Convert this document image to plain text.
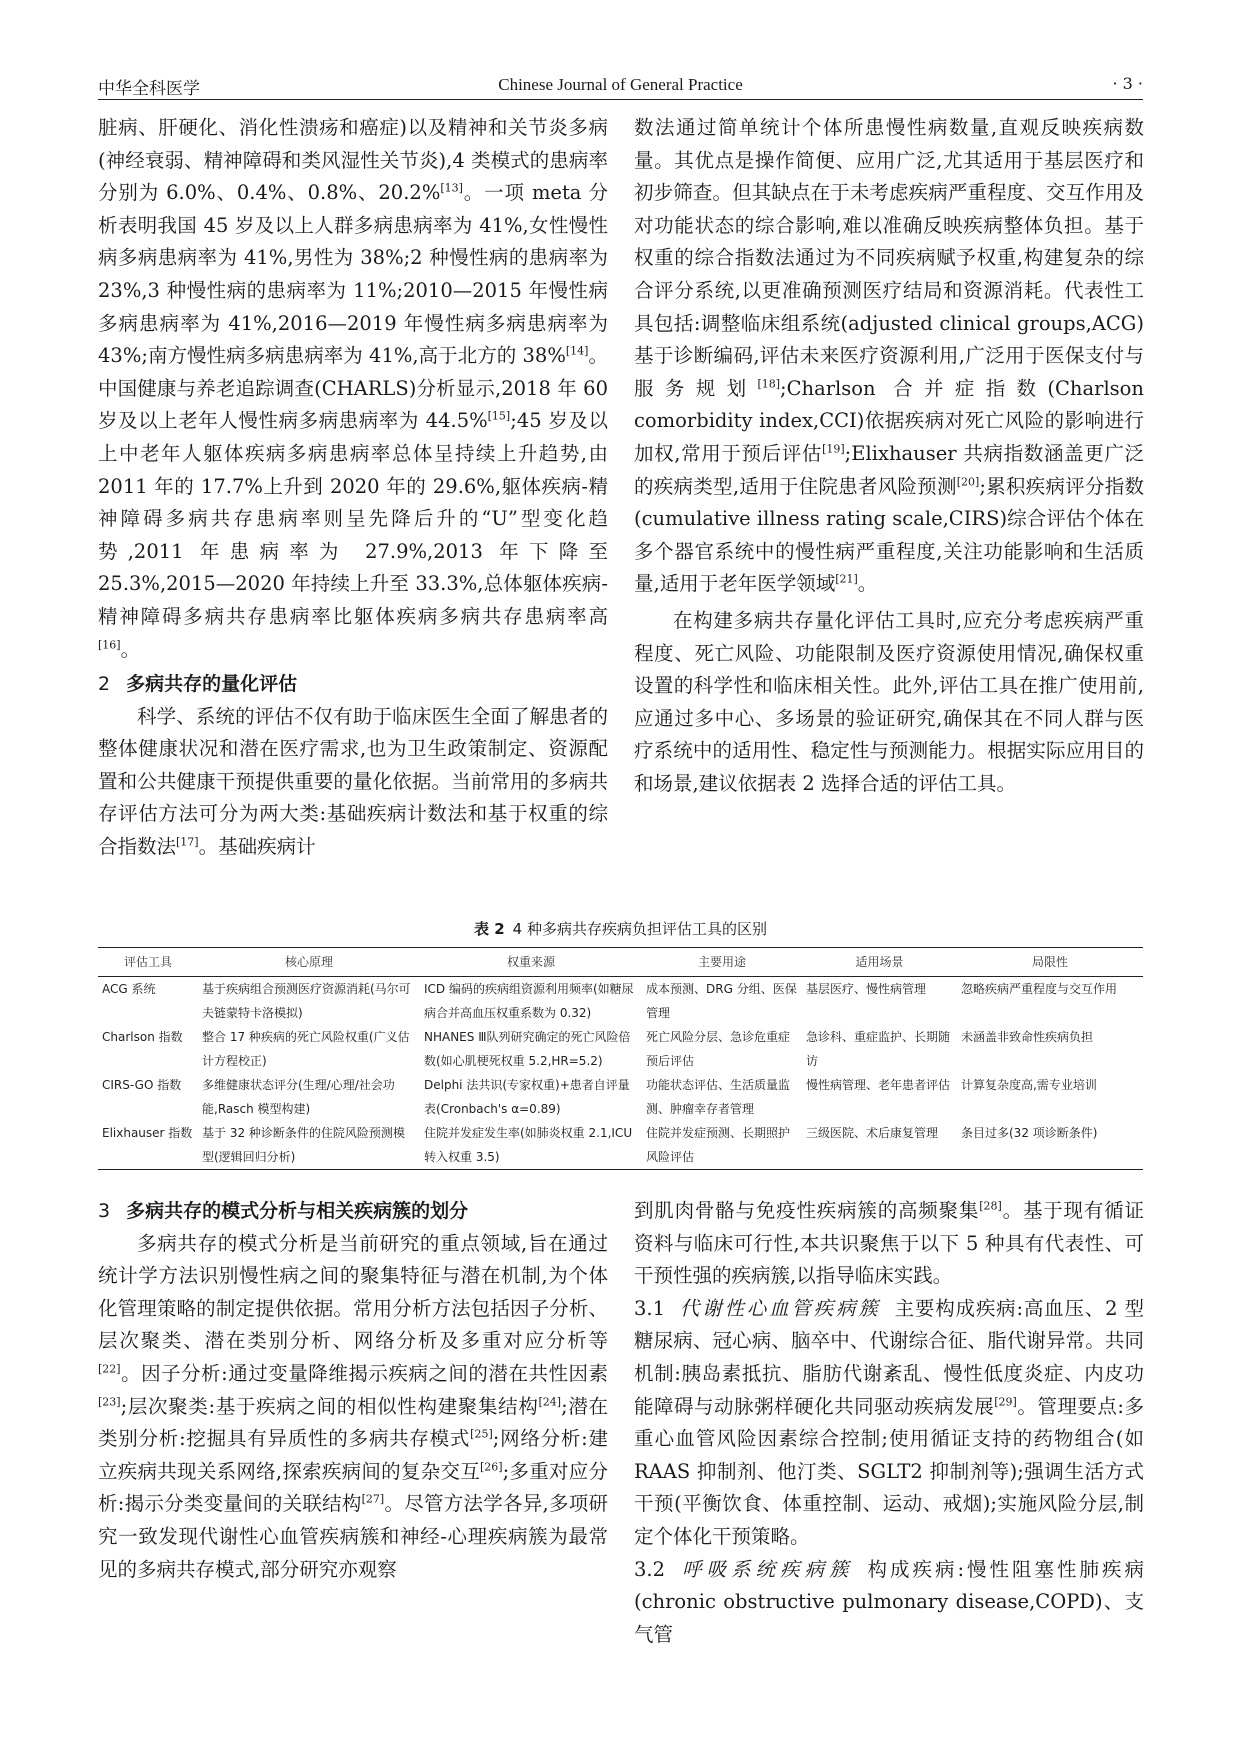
中华全科医学	Chinese Journal of General Practice	· 3 ·

脏病、肝硬化、消化性溃疡和癌症)以及精神和关节炎多病(神经衰弱、精神障碍和类风湿性关节炎),4 类模式的患病率分别为 6.0%、0.4%、0.8%、20.2%[13]。一项 meta 分析表明我国 45 岁及以上人群多病患病率为 41%,女性慢性病多病患病率为 41%,男性为 38%;2 种慢性病的患病率为 23%,3 种慢性病的患病率为 11%;2010—2015 年慢性病多病患病率为 41%,2016—2019 年慢性病多病患病率为 43%;南方慢性病多病患病率为 41%,高于北方的 38%[14]。中国健康与养老追踪调查(CHARLS)分析显示,2018 年 60 岁及以上老年人慢性病多病患病率为 44.5%[15];45 岁及以上中老年人躯体疾病多病患病率总体呈持续上升趋势,由 2011 年的 17.7%上升到 2020 年的 29.6%,躯体疾病-精神障碍多病共存患病率则呈先降后升的“U”型变化趋势,2011 年患病率为 27.9%,2013 年下降至 25.3%,2015—2020 年持续上升至 33.3%,总体躯体疾病-精神障碍多病共存患病率比躯体疾病多病共存患病率高[16]。

2 多病共存的量化评估

科学、系统的评估不仅有助于临床医生全面了解患者的整体健康状况和潜在医疗需求,也为卫生政策制定、资源配置和公共健康干预提供重要的量化依据。当前常用的多病共存评估方法可分为两大类:基础疾病计数法和基于权重的综合指数法[17]。基础疾病计

数法通过简单统计个体所患慢性病数量,直观反映疾病数量。其优点是操作简便、应用广泛,尤其适用于基层医疗和初步筛查。但其缺点在于未考虑疾病严重程度、交互作用及对功能状态的综合影响,难以准确反映疾病整体负担。基于权重的综合指数法通过为不同疾病赋予权重,构建复杂的综合评分系统,以更准确预测医疗结局和资源消耗。代表性工具包括:调整临床组系统(adjusted clinical groups,ACG)基于诊断编码,评估未来医疗资源利用,广泛用于医保支付与服务规划[18];Charlson 合并症指数(Charlson comorbidity index,CCI)依据疾病对死亡风险的影响进行加权,常用于预后评估[19];Elixhauser 共病指数涵盖更广泛的疾病类型,适用于住院患者风险预测[20];累积疾病评分指数(cumulative illness rating scale,CIRS)综合评估个体在多个器官系统中的慢性病严重程度,关注功能影响和生活质量,适用于老年医学领域[21]。

在构建多病共存量化评估工具时,应充分考虑疾病严重程度、死亡风险、功能限制及医疗资源使用情况,确保权重设置的科学性和临床相关性。此外,评估工具在推广使用前,应通过多中心、多场景的验证研究,确保其在不同人群与医疗系统中的适用性、稳定性与预测能力。根据实际应用目的和场景,建议依据表 2 选择合适的评估工具。

表 2 4 种多病共存疾病负担评估工具的区别
评估工具	核心原理	权重来源	主要用途	适用场景	局限性
ACG 系统	基于疾病组合预测医疗资源消耗(马尔可夫链蒙特卡洛模拟)	ICD 编码的疾病组资源利用频率(如糖尿病合并高血压权重系数为 0.32)	成本预测、DRG 分组、医保管理	基层医疗、慢性病管理	忽略疾病严重程度与交互作用
Charlson 指数	整合 17 种疾病的死亡风险权重(广义估计方程校正)	NHANES Ⅲ队列研究确定的死亡风险倍数(如心肌梗死权重 5.2,HR=5.2)	死亡风险分层、急诊危重症预后评估	急诊科、重症监护、长期随访	未涵盖非致命性疾病负担
CIRS-GO 指数	多维健康状态评分(生理/心理/社会功能,Rasch 模型构建)	Delphi 法共识(专家权重)+患者自评量表(Cronbach's α=0.89)	功能状态评估、生活质量监测、肿瘤幸存者管理	慢性病管理、老年患者评估	计算复杂度高,需专业培训
Elixhauser 指数	基于 32 种诊断条件的住院风险预测模型(逻辑回归分析)	住院并发症发生率(如肺炎权重 2.1,ICU 转入权重 3.5)	住院并发症预测、长期照护风险评估	三级医院、术后康复管理	条目过多(32 项诊断条件)
3 多病共存的模式分析与相关疾病簇的划分

多病共存的模式分析是当前研究的重点领域,旨在通过统计学方法识别慢性病之间的聚集特征与潜在机制,为个体化管理策略的制定提供依据。常用分析方法包括因子分析、层次聚类、潜在类别分析、网络分析及多重对应分析等[22]。因子分析:通过变量降维揭示疾病之间的潜在共性因素[23];层次聚类:基于疾病之间的相似性构建聚集结构[24];潜在类别分析:挖掘具有异质性的多病共存模式[25];网络分析:建立疾病共现关系网络,探索疾病间的复杂交互[26];多重对应分析:揭示分类变量间的关联结构[27]。尽管方法学各异,多项研究一致发现代谢性心血管疾病簇和神经-心理疾病簇为最常见的多病共存模式,部分研究亦观察

到肌肉骨骼与免疫性疾病簇的高频聚集[28]。基于现有循证资料与临床可行性,本共识聚焦于以下 5 种具有代表性、可干预性强的疾病簇,以指导临床实践。

3.1 代谢性心血管疾病簇 主要构成疾病:高血压、2 型糖尿病、冠心病、脑卒中、代谢综合征、脂代谢异常。共同机制:胰岛素抵抗、脂肪代谢紊乱、慢性低度炎症、内皮功能障碍与动脉粥样硬化共同驱动疾病发展[29]。管理要点:多重心血管风险因素综合控制;使用循证支持的药物组合(如 RAAS 抑制剂、他汀类、SGLT2 抑制剂等);强调生活方式干预(平衡饮食、体重控制、运动、戒烟);实施风险分层,制定个体化干预策略。

3.2 呼吸系统疾病簇 构成疾病:慢性阻塞性肺疾病(chronic obstructive pulmonary disease,COPD)、支气管
